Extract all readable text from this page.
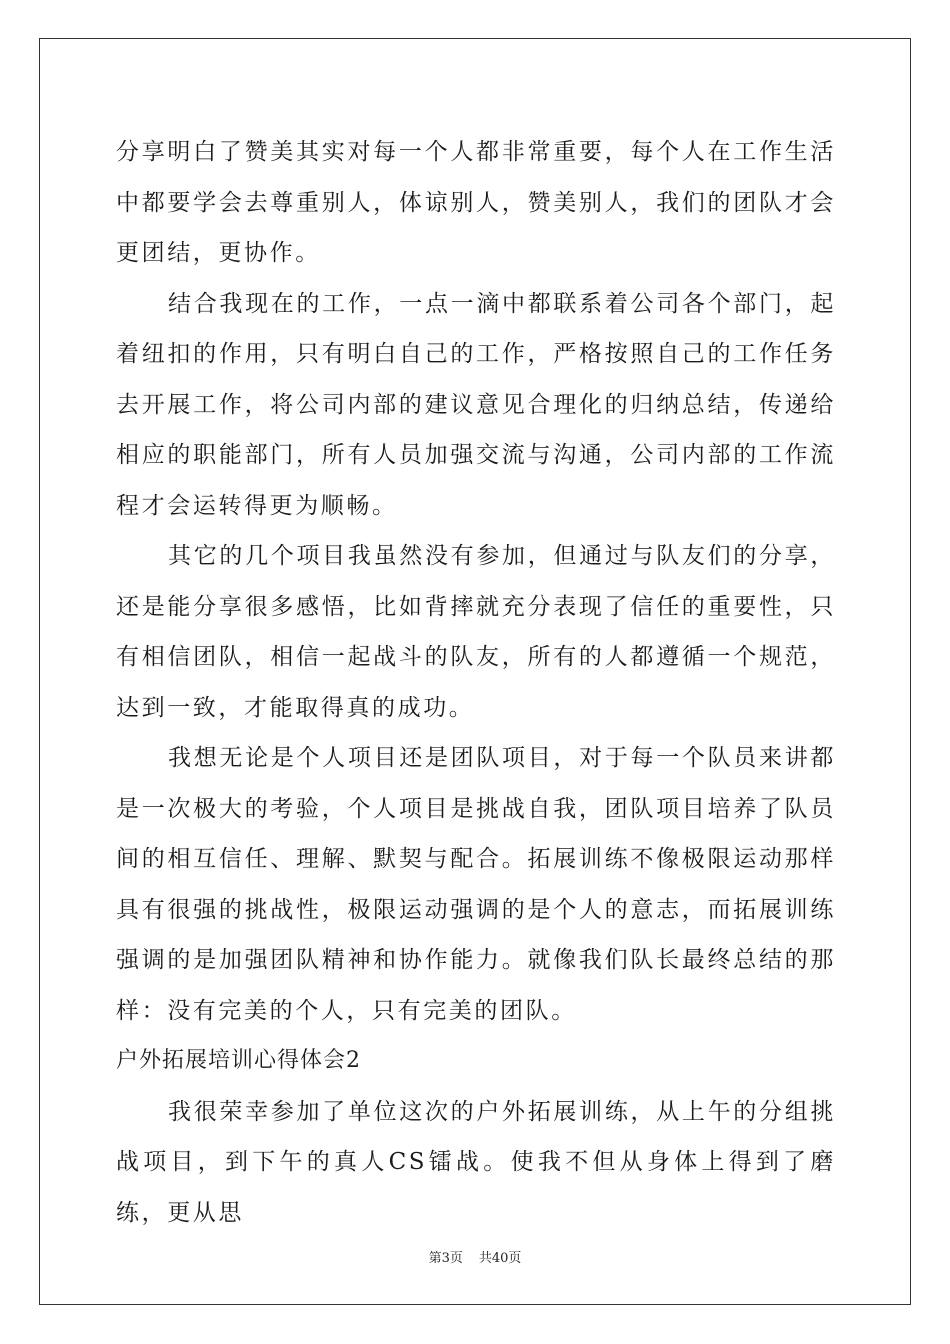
分享明白了赞美其实对每一个人都非常重要，每个人在工作生活中都要学会去尊重别人，体谅别人，赞美别人，我们的团队才会更团结，更协作。

结合我现在的工作，一点一滴中都联系着公司各个部门，起着纽扣的作用，只有明白自己的工作，严格按照自己的工作任务去开展工作，将公司内部的建议意见合理化的归纳总结，传递给相应的职能部门，所有人员加强交流与沟通，公司内部的工作流程才会运转得更为顺畅。

其它的几个项目我虽然没有参加，但通过与队友们的分享，还是能分享很多感悟，比如背摔就充分表现了信任的重要性，只有相信团队，相信一起战斗的队友，所有的人都遵循一个规范，达到一致，才能取得真的成功。

我想无论是个人项目还是团队项目，对于每一个队员来讲都是一次极大的考验，个人项目是挑战自我，团队项目培养了队员间的相互信任、理解、默契与配合。拓展训练不像极限运动那样具有很强的挑战性，极限运动强调的是个人的意志，而拓展训练强调的是加强团队精神和协作能力。就像我们队长最终总结的那样：没有完美的个人，只有完美的团队。

户外拓展培训心得体会2

我很荣幸参加了单位这次的户外拓展训练，从上午的分组挑战项目，到下午的真人CS镭战。使我不但从身体上得到了磨练，更从思

第3页 共40页
